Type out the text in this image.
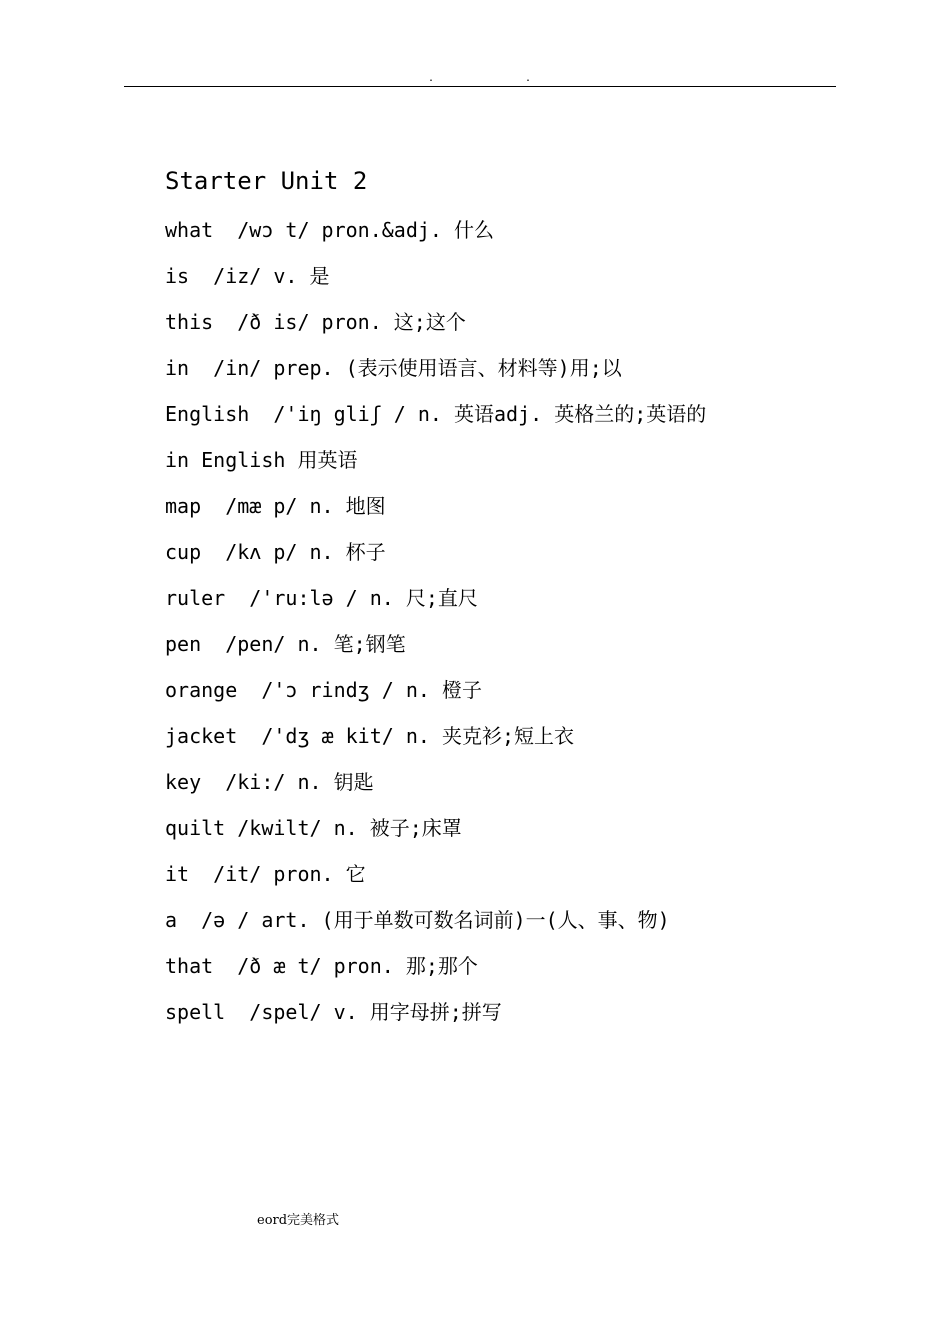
.	.
Starter Unit 2
what  /wɔ t/ pron.&adj. 什么
is  /iz/ v. 是
this  /ð is/ pron. 这;这个
in  /in/ prep. (表示使用语言、材料等)用;以
English  /'iŋ gliʃ / n. 英语adj. 英格兰的;英语的
in English 用英语
map  /mæ p/ n. 地图
cup  /kʌ p/ n. 杯子
ruler  /'ru:lə / n. 尺;直尺
pen  /pen/ n. 笔;钢笔
orange  /'ɔ rindʒ / n. 橙子
jacket  /'dʒ æ kit/ n. 夹克衫;短上衣
key  /ki:/ n. 钥匙
quilt /kwilt/ n. 被子;床罩
it  /it/ pron. 它
a  /ə / art. (用于单数可数名词前)一(人、事、物)
that  /ð æ t/ pron. 那;那个
spell  /spel/ v. 用字母拼;拼写
eord完美格式
